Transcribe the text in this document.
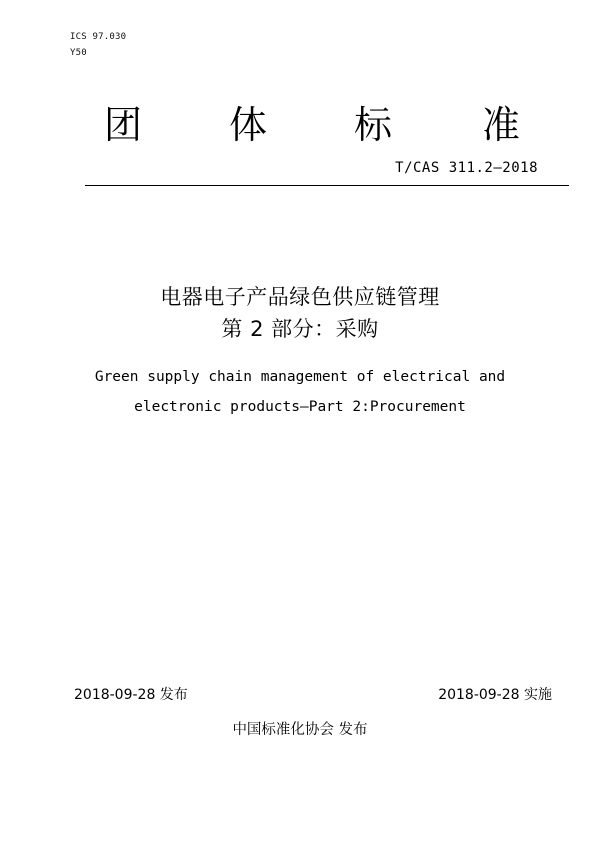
ICS 97.030
Y50
团 体 标 准
T/CAS 311.2—2018
电器电子产品绿色供应链管理
第 2 部分：采购
Green supply chain management of electrical and
electronic products—Part 2:Procurement
2018-09-28 发布	2018-09-28 实施
中国标准化协会 发布
